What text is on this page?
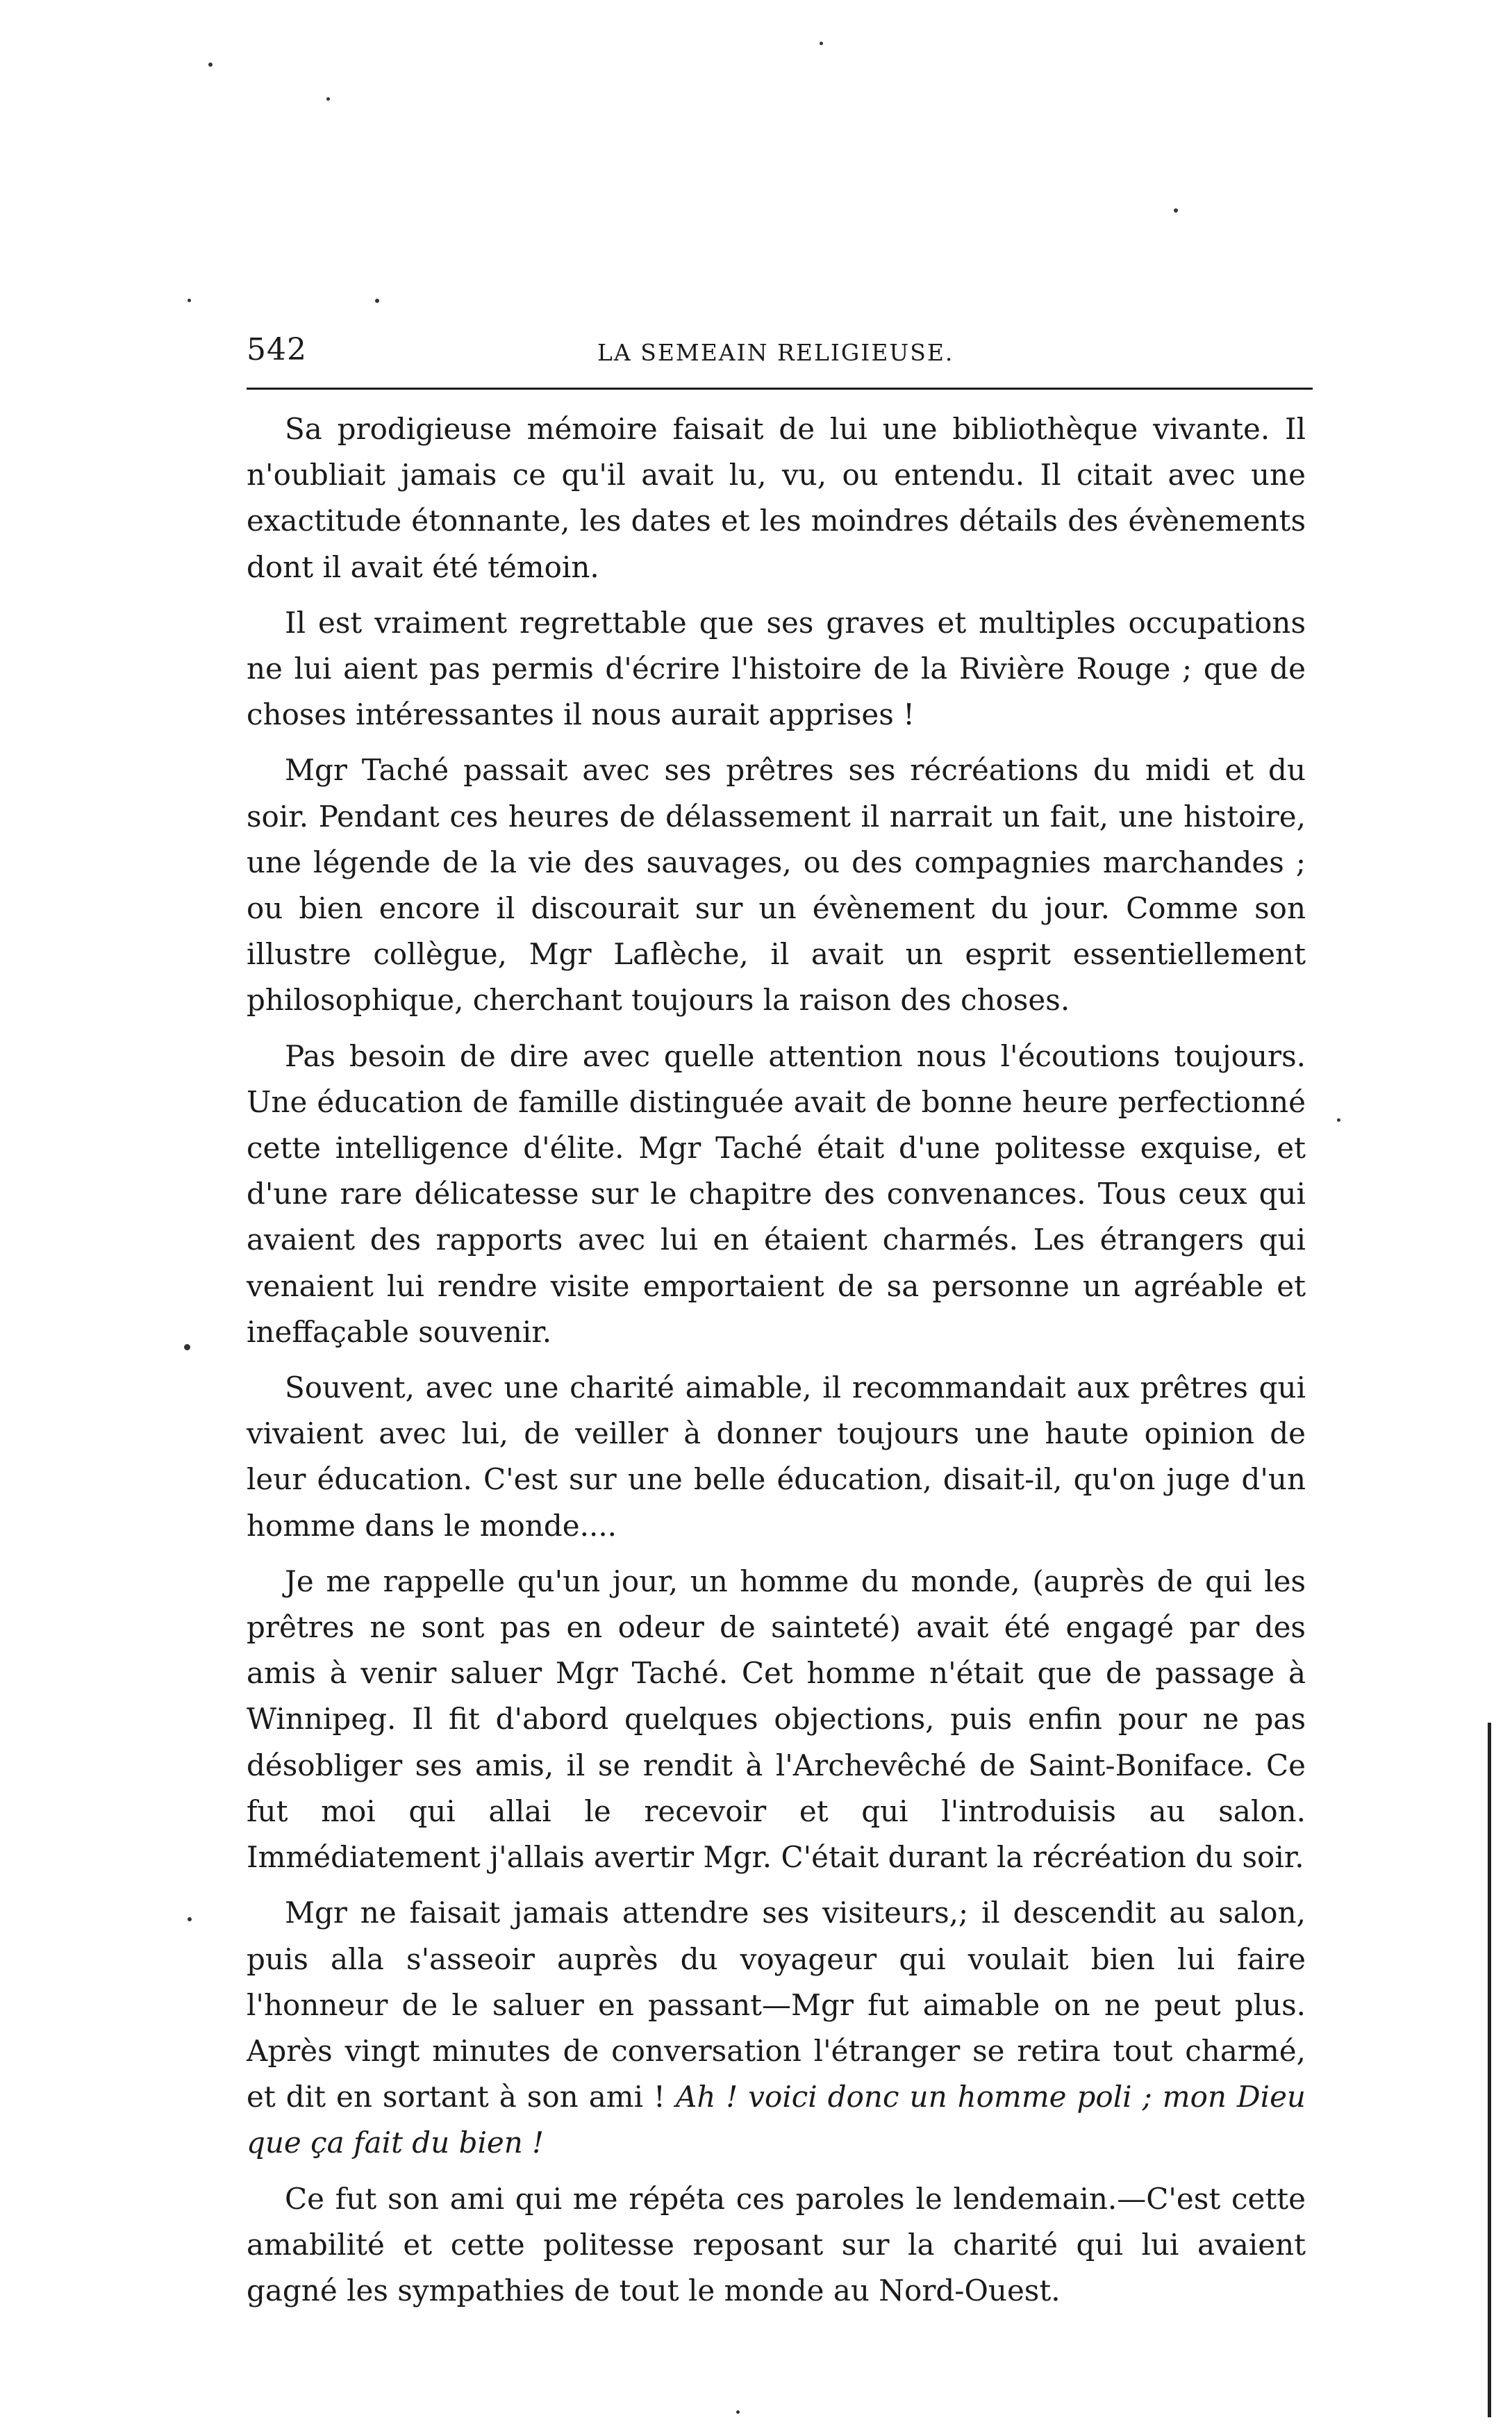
542	LA SEMEAIN RELIGIEUSE.

Sa prodigieuse mémoire faisait de lui une bibliothèque vivante. Il n'oubliait jamais ce qu'il avait lu, vu, ou entendu. Il citait avec une exactitude étonnante, les dates et les moindres détails des évènements dont il avait été témoin.

Il est vraiment regrettable que ses graves et multiples occupations ne lui aient pas permis d'écrire l'histoire de la Rivière Rouge ; que de choses intéressantes il nous aurait apprises !

Mgr Taché passait avec ses prêtres ses récréations du midi et du soir. Pendant ces heures de délassement il narrait un fait, une histoire, une légende de la vie des sauvages, ou des compagnies marchandes ; ou bien encore il discourait sur un évènement du jour. Comme son illustre collègue, Mgr Laflèche, il avait un esprit essentiellement philosophique, cherchant toujours la raison des choses.

Pas besoin de dire avec quelle attention nous l'écoutions toujours. Une éducation de famille distinguée avait de bonne heure perfectionné cette intelligence d'élite. Mgr Taché était d'une politesse exquise, et d'une rare délicatesse sur le chapitre des convenances. Tous ceux qui avaient des rapports avec lui en étaient charmés. Les étrangers qui venaient lui rendre visite emportaient de sa personne un agréable et ineffaçable souvenir.

Souvent, avec une charité aimable, il recommandait aux prêtres qui vivaient avec lui, de veiller à donner toujours une haute opinion de leur éducation. C'est sur une belle éducation, disait-il, qu'on juge d'un homme dans le monde....

Je me rappelle qu'un jour, un homme du monde, (auprès de qui les prêtres ne sont pas en odeur de sainteté) avait été engagé par des amis à venir saluer Mgr Taché. Cet homme n'était que de passage à Winnipeg. Il fit d'abord quelques objections, puis enfin pour ne pas désobliger ses amis, il se rendit à l'Archevêché de Saint-Boniface. Ce fut moi qui allai le recevoir et qui l'introduisis au salon. Immédiatement j'allais avertir Mgr. C'était durant la récréation du soir.

Mgr ne faisait jamais attendre ses visiteurs,; il descendit au salon, puis alla s'asseoir auprès du voyageur qui voulait bien lui faire l'honneur de le saluer en passant—Mgr fut aimable on ne peut plus. Après vingt minutes de conversation l'étranger se retira tout charmé, et dit en sortant à son ami ! Ah ! voici donc un homme poli ; mon Dieu que ça fait du bien !

Ce fut son ami qui me répéta ces paroles le lendemain.—C'est cette amabilité et cette politesse reposant sur la charité qui lui avaient gagné les sympathies de tout le monde au Nord-Ouest.
